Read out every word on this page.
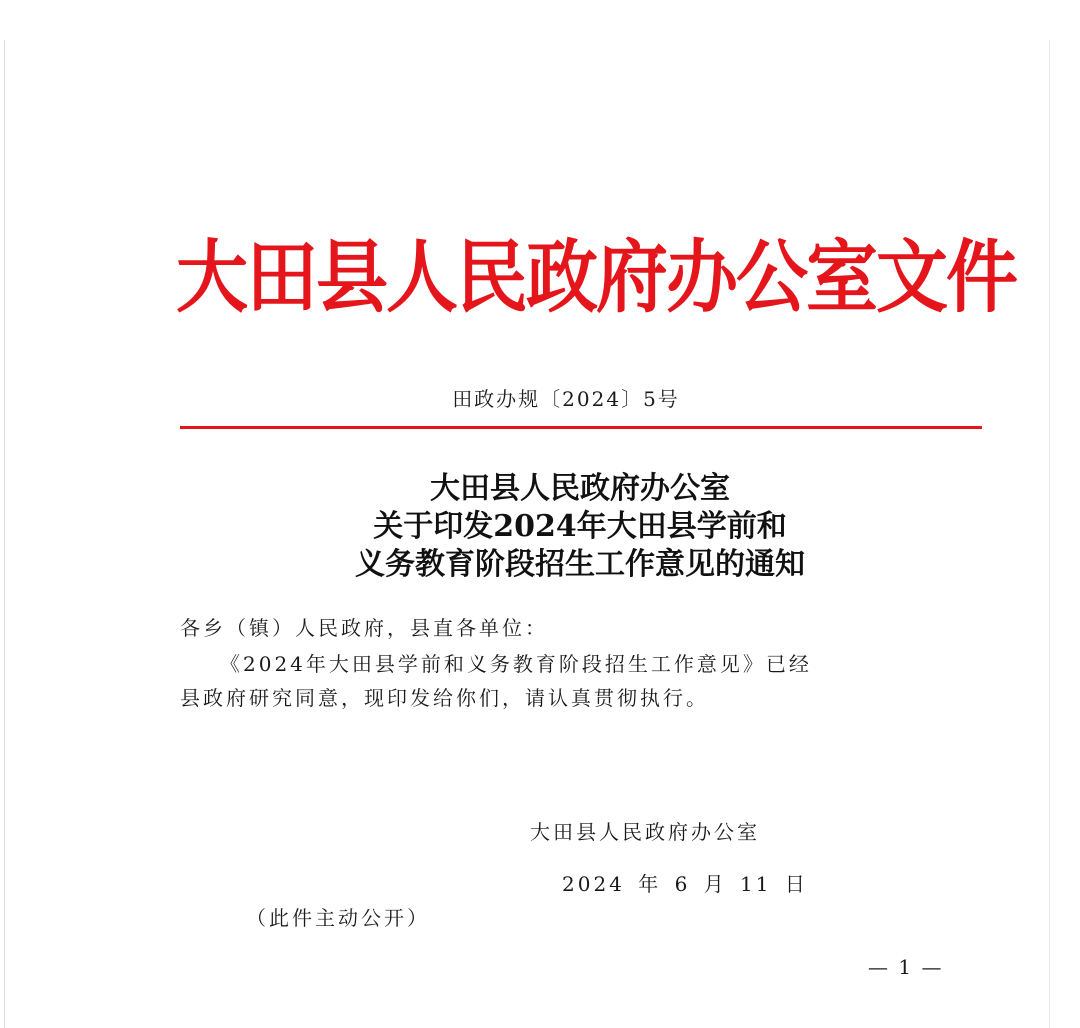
大田县人民政府办公室文件
田政办规〔2024〕5号
大田县人民政府办公室
关于印发2024年大田县学前和
义务教育阶段招生工作意见的通知
各乡（镇）人民政府，县直各单位：
《2024年大田县学前和义务教育阶段招生工作意见》已经
县政府研究同意，现印发给你们，请认真贯彻执行。
大田县人民政府办公室
2024 年 6 月 11 日
（此件主动公开）
— 1 —
